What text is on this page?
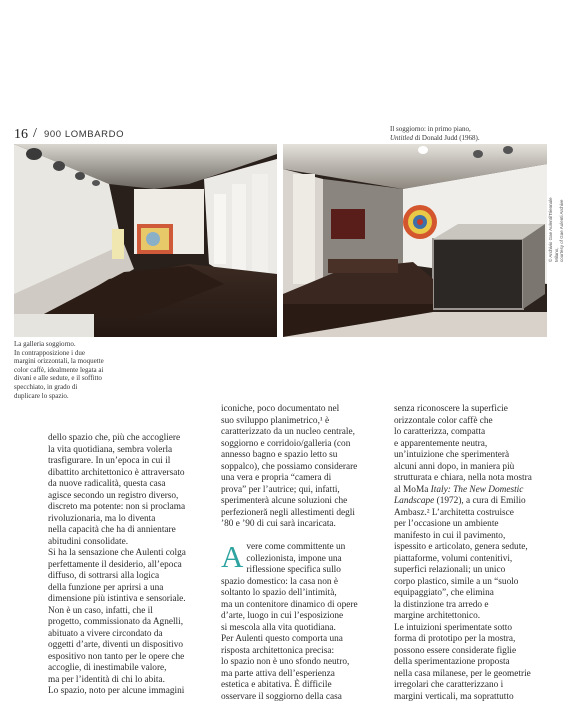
16 / 900 LOMBARDO	Il soggiorno: in primo piano,
Untitled di Donald Judd (1968).
© Archivio Gae Aulenti/Triennale Milano, courtesy of Gae Aulenti Archive
La galleria soggiorno.
In contrapposizione i due
margini orizzontali, la moquette
color caffè, idealmente legata ai
divani e alle sedute, e il soffitto
specchiato, in grado di
duplicare lo spazio.

dello spazio che, più che accogliere

la vita quotidiana, sembra volerla

trasfigurare. In un’epoca in cui il

dibattito architettonico è attraversato

da nuove radicalità, questa casa

agisce secondo un registro diverso,

discreto ma potente: non si proclama

rivoluzionaria, ma lo diventa

nella capacità che ha di annientare

abitudini consolidate.

Si ha la sensazione che Aulenti colga

perfettamente il desiderio, all’epoca

diffuso, di sottrarsi alla logica

della funzione per aprirsi a una

dimensione più istintiva e sensoriale.

Non è un caso, infatti, che il

progetto, commissionato da Agnelli,

abituato a vivere circondato da

oggetti d’arte, diventi un dispositivo

espositivo non tanto per le opere che

accoglie, di inestimabile valore,

ma per l’identità di chi lo abita.

Lo spazio, noto per alcune immagini

iconiche, poco documentato nel

suo sviluppo planimetrico,¹ è

caratterizzato da un nucleo centrale,

soggiorno e corridoio/galleria (con

annesso bagno e spazio letto su

soppalco), che possiamo considerare

una vera e propria “camera di

prova” per l’autrice; qui, infatti,

sperimenterà alcune soluzioni che

perfezioneră negli allestimenti degli

’80 e ’90 di cui sarà incaricata.

A vere come committente un

collezionista, impone una

riflessione specifica sullo

spazio domestico: la casa non è

soltanto lo spazio dell’intimità,

ma un contenitore dinamico di opere

d’arte, luogo in cui l’esposizione

si mescola alla vita quotidiana.

Per Aulenti questo comporta una

risposta architettonica precisa:

lo spazio non è uno sfondo neutro,

ma parte attiva dell’esperienza

estetica e abitativa. È difficile

osservare il soggiorno della casa

senza riconoscere la superficie

orizzontale color caffè che

lo caratterizza, compatta

e apparentemente neutra,

un’intuizione che sperimenterà

alcuni anni dopo, in maniera più

strutturata e chiara, nella nota mostra

al MoMa Italy: The New Domestic

Landscape (1972), a cura di Emilio

Ambasz.² L’architetta costruisce

per l’occasione un ambiente

manifesto in cui il pavimento,

ispessito e articolato, genera sedute,

piattaforme, volumi contenitivi,

superfici relazionali; un unico

corpo plastico, simile a un “suolo

equipaggiato”, che elimina

la distinzione tra arredo e

margine architettonico.

Le intuizioni sperimentate sotto

forma di prototipo per la mostra,

possono essere considerate figlie

della sperimentazione proposta

nella casa milanese, per le geometrie

irregolari che caratterizzano i

margini verticali, ma soprattutto
